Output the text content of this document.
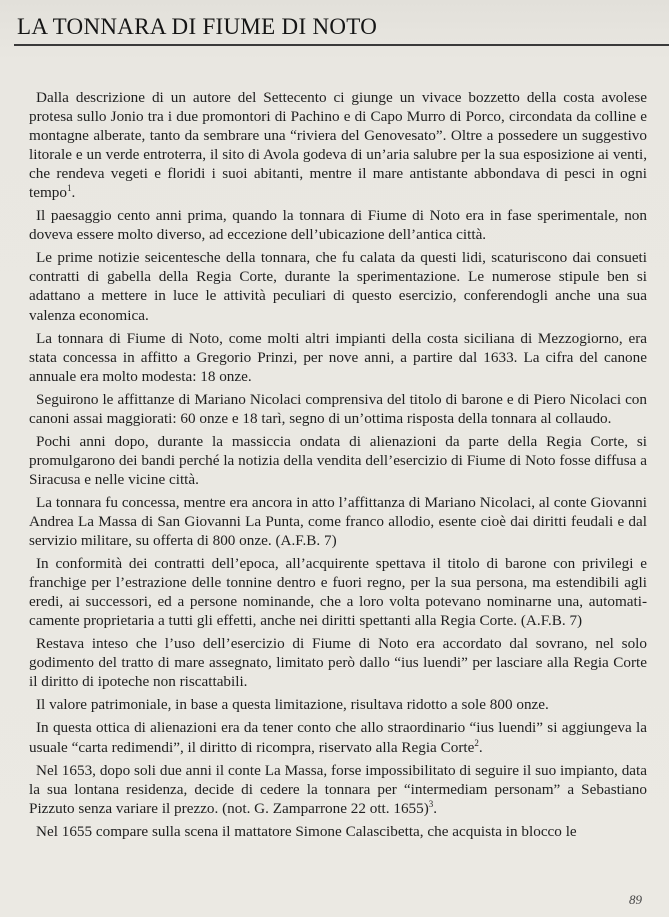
LA TONNARA DI FIUME DI NOTO

Dalla descrizione di un autore del Settecento ci giunge un vivace bozzetto della costa avolese protesa sullo Jonio tra i due promontori di Pachino e di Capo Murro di Porco, circondata da colline e montagne alberate, tanto da sembrare una “riviera del Genovesato”. Oltre a possedere un suggestivo litorale e un verde entroterra, il sito di Avola godeva di un’aria salubre per la sua esposizione ai venti, che rendeva vegeti e floridi i suoi abitanti, mentre il mare antistante abbondava di pesci in ogni tempo$^1$.

Il paesaggio cento anni prima, quando la tonnara di Fiume di Noto era in fase sperimentale, non doveva essere molto diverso, ad eccezione dell’ubicazione dell’antica città.

Le prime notizie seicentesche della tonnara, che fu calata da questi lidi, scaturiscono dai consueti contratti di gabella della Regia Corte, durante la sperimentazione. Le numerose stipule ben si adattano a mettere in luce le attività peculiari di questo esercizio, conferendogli anche una sua valenza economica.

La tonnara di Fiume di Noto, come molti altri impianti della costa siciliana di Mezzogiorno, era stata concessa in affitto a Gregorio Prinzi, per nove anni, a partire dal 1633. La cifra del canone annuale era molto modesta: 18 onze.

Seguirono le affittanze di Mariano Nicolaci comprensiva del titolo di barone e di Piero Nicolaci con canoni assai maggiorati: 60 onze e 18 tarì, segno di un’ottima risposta della tonnara al collaudo.

Pochi anni dopo, durante la massiccia ondata di alienazioni da parte della Regia Corte, si promulgarono dei bandi perché la notizia della vendita dell’esercizio di Fiume di Noto fosse diffusa a Siracusa e nelle vicine città.

La tonnara fu concessa, mentre era ancora in atto l’affittanza di Mariano Nicolaci, al conte Giovanni Andrea La Massa di San Giovanni La Punta, come franco allodio, esente cioè dai diritti feudali e dal servizio militare, su offerta di 800 onze. (A.F.B. 7)

In conformità dei contratti dell’epoca, all’acquirente spettava il titolo di barone con privilegi e franchige per l’estrazione delle tonnine dentro e fuori regno, per la sua persona, ma estendibili agli eredi, ai successori, ed a persone nominande, che a loro volta potevano nominarne una, automaticamente proprietaria a tutti gli effetti, anche nei diritti spettanti alla Regia Corte. (A.F.B. 7)

Restava inteso che l’uso dell’esercizio di Fiume di Noto era accordato dal sovrano, nel solo godimento del tratto di mare assegnato, limitato però dallo “ius luendi” per lasciare alla Regia Corte il diritto di ipoteche non riscattabili.

Il valore patrimoniale, in base a questa limitazione, risultava ridotto a sole 800 onze.

In questa ottica di alienazioni era da tener conto che allo straordinario “ius luendi” si aggiungeva la usuale “carta redimendi”, il diritto di ricompra, riservato alla Regia Corte$^2$.

Nel 1653, dopo soli due anni il conte La Massa, forse impossibilitato di seguire il suo impianto, data la sua lontana residenza, decide di cedere la tonnara per “intermediam personam” a Sebastiano Pizzuto senza variare il prezzo. (not. G. Zamparrone 22 ott. 1655)$^3$.

Nel 1655 compare sulla scena il mattatore Simone Calascibetta, che acquista in blocco le

89
